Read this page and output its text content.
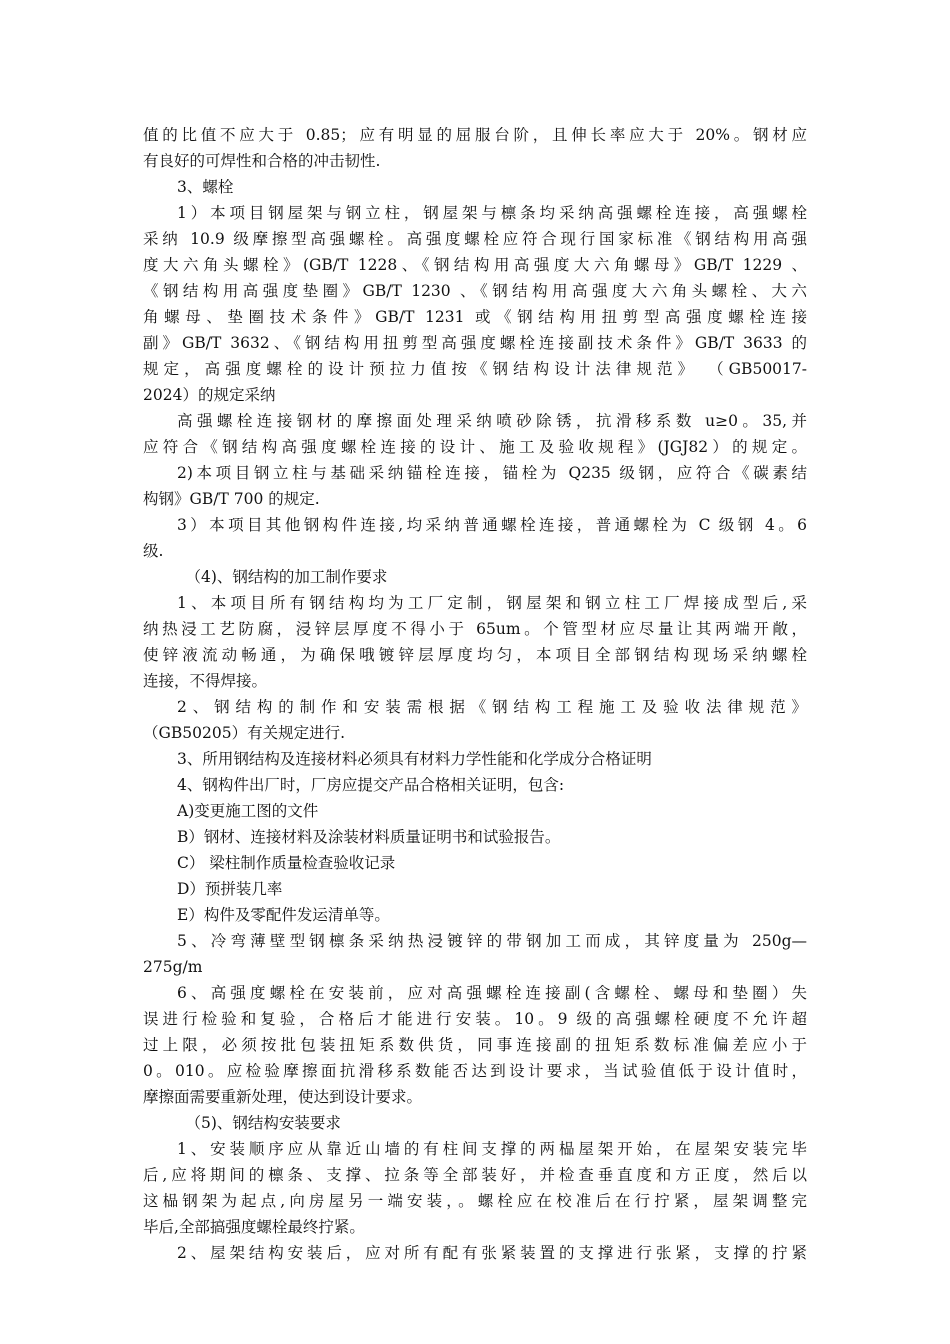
值的比值不应大于 0.85；应有明显的屈服台阶，且伸长率应大于 20%。钢材应
有良好的可焊性和合格的冲击韧性.
3、螺栓
1）本项目钢屋架与钢立柱，钢屋架与檩条均采纳高强螺栓连接，高强螺栓
采纳 10.9 级摩擦型高强螺栓。高强度螺栓应符合现行国家标准《钢结构用高强
度大六角头螺栓》(GB/T 1228、《钢结构用高强度大六角螺母》GB/T 1229 、
《钢结构用高强度垫圈》GB/T 1230 、《钢结构用高强度大六角头螺栓、大六
角螺母、垫圈技术条件》GB/T 1231 或《钢结构用扭剪型高强度螺栓连接
副》GB/T 3632、《钢结构用扭剪型高强度螺栓连接副技术条件》GB/T 3633 的
规定，高强度螺栓的设计预拉力值按《钢结构设计法律规范》 （GB50017-
2024）的规定采纳
高强螺栓连接钢材的摩擦面处理采纳喷砂除锈，抗滑移系数 u≥0。35,并
应符合《钢结构高强度螺栓连接的设计、施工及验收规程》(JGJ82）的规定。
2)本项目钢立柱与基础采纳锚栓连接，锚栓为 Q235 级钢，应符合《碳素结
构钢》GB/T 700 的规定.
3）本项目其他钢构件连接,均采纳普通螺栓连接，普通螺栓为 C 级钢 4。6
级.
（4)、钢结构的加工制作要求
1、本项目所有钢结构均为工厂定制，钢屋架和钢立柱工厂焊接成型后,采
纳热浸工艺防腐，浸锌层厚度不得小于 65um。个管型材应尽量让其两端开敞，
使锌液流动畅通，为确保哦镀锌层厚度均匀，本项目全部钢结构现场采纳螺栓
连接，不得焊接。
2、钢结构的制作和安装需根据《钢结构工程施工及验收法律规范》
（GB50205）有关规定进行.
3、所用钢结构及连接材料必须具有材料力学性能和化学成分合格证明
4、钢构件出厂时，厂房应提交产品合格相关证明，包含:
A)变更施工图的文件
B）钢材、连接材料及涂装材料质量证明书和试验报告。
C） 梁柱制作质量检查验收记录
D）预拼装几率
E）构件及零配件发运清单等。
5、冷弯薄壁型钢檩条采纳热浸镀锌的带钢加工而成，其锌度量为 250g—
275g/m
6、高强度螺栓在安装前，应对高强螺栓连接副(含螺栓、螺母和垫圈）失
误进行检验和复验，合格后才能进行安装。10。9 级的高强螺栓硬度不允许超
过上限，必须按批包装扭矩系数供货，同事连接副的扭矩系数标准偏差应小于
0。010。应检验摩擦面抗滑移系数能否达到设计要求，当试验值低于设计值时，
摩擦面需要重新处理，使达到设计要求。
（5)、钢结构安装要求
1、安装顺序应从靠近山墙的有柱间支撑的两榀屋架开始，在屋架安装完毕
后,应将期间的檩条、支撑、拉条等全部装好，并检查垂直度和方正度，然后以
这榀钢架为起点,向房屋另一端安装，。螺栓应在校准后在行拧紧，屋架调整完
毕后,全部搞强度螺栓最终拧紧。
2、屋架结构安装后，应对所有配有张紧装置的支撑进行张紧，支撑的拧紧
